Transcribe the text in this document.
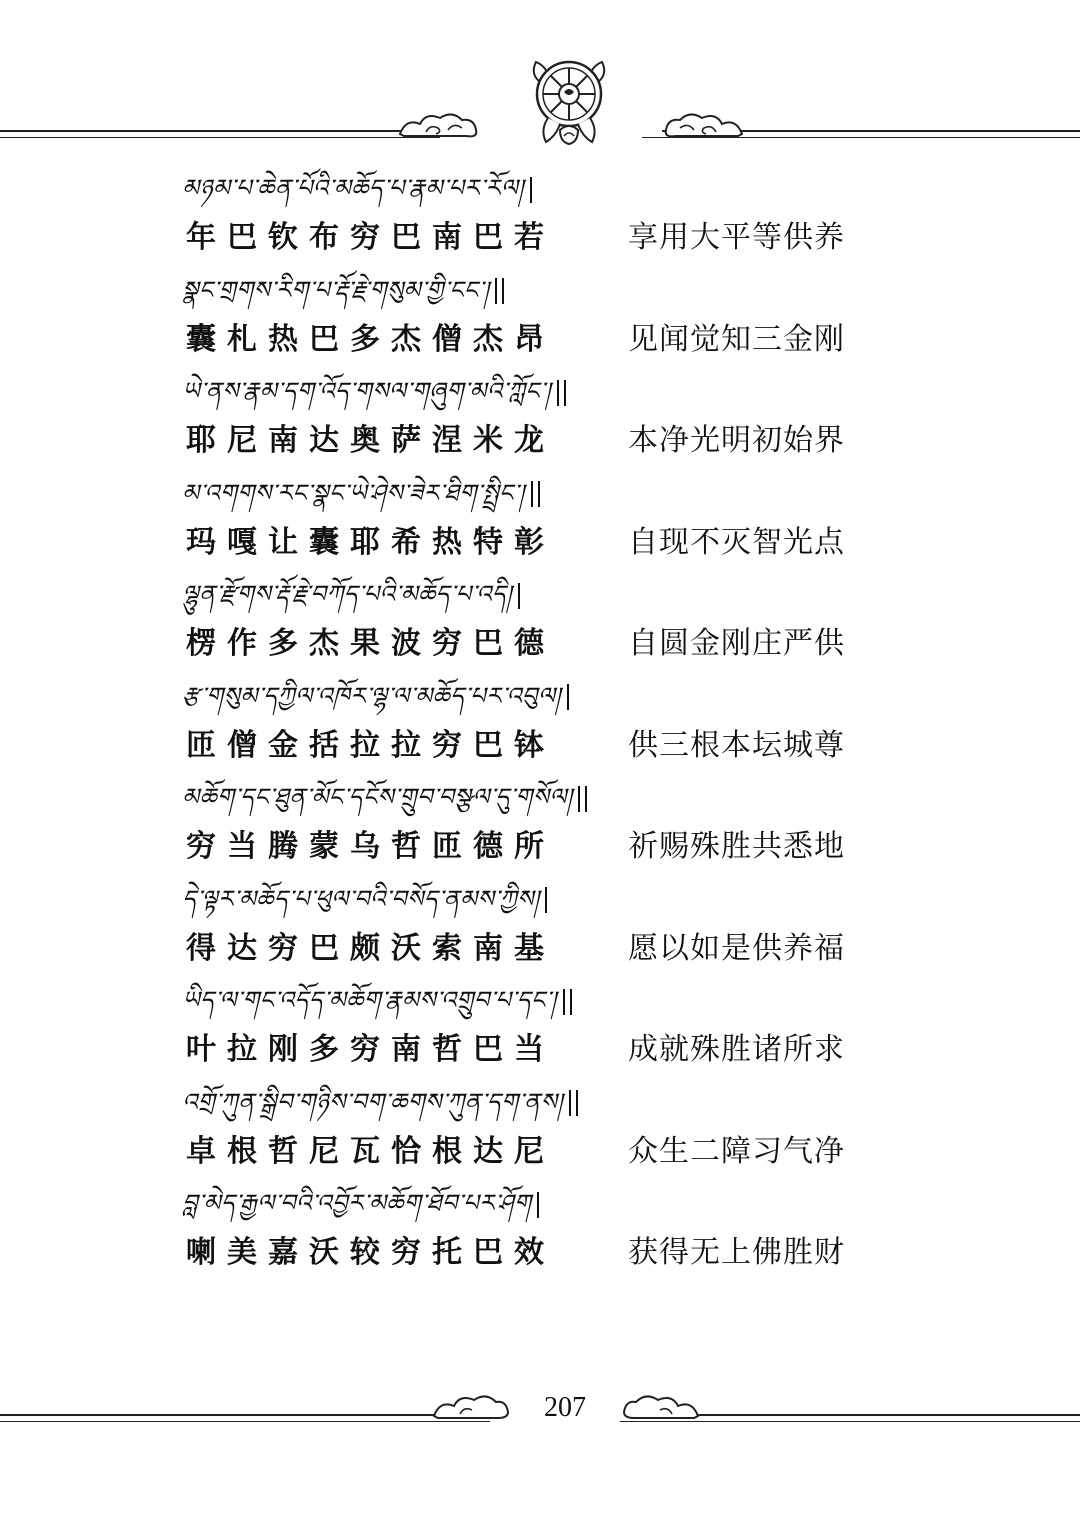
མཉམ་པ་ཆེན་པོའི་མཆོད་པ་རྣམ་པར་རོལ།
年巴钦布穷巴南巴若 享用大平等供养
སྣང་གྲགས་རིག་པ་རྡོ་རྗེ་གསུམ་གྱི་ངང་།
囊札热巴多杰僧杰昂 见闻觉知三金刚
ཡེ་ནས་རྣམ་དག་འོད་གསལ་གཞུག་མའི་ཀློང་།
耶尼南达奥萨涅米龙 本净光明初始界
མ་འགགས་རང་སྣང་ཡེ་ཤེས་ཟེར་ཐིག་སྤྲིང་།
玛嘎让囊耶希热特彰 自现不灭智光点
ལྷུན་རྫོགས་རྡོ་རྗེ་བཀོད་པའི་མཆོད་པ་འདི།
楞作多杰果波穷巴德 自圆金刚庄严供
རྩ་གསུམ་དཀྱིལ་འཁོར་ལྷ་ལ་མཆོད་པར་འབུལ།
匝僧金括拉拉穷巴钵 供三根本坛城尊
མཆོག་དང་ཐུན་མོང་དངོས་གྲུབ་བསྩལ་དུ་གསོལ།
穷当腾蒙乌哲匝德所 祈赐殊胜共悉地
དེ་ལྟར་མཆོད་པ་ཕུལ་བའི་བསོད་ནམས་ཀྱིས།
得达穷巴颇沃索南基 愿以如是供养福
ཡིད་ལ་གང་འདོད་མཆོག་རྣམས་འགྲུབ་པ་དང་།
叶拉刚多穷南哲巴当 成就殊胜诸所求
འགྲོ་ཀུན་སྒྲིབ་གཉིས་བག་ཆགས་ཀུན་དག་ནས།
卓根哲尼瓦恰根达尼 众生二障习气净
བླ་མེད་རྒྱལ་བའི་འབྱོར་མཆོག་ཐོབ་པར་ཤོག
喇美嘉沃较穷托巴效 获得无上佛胜财
207
